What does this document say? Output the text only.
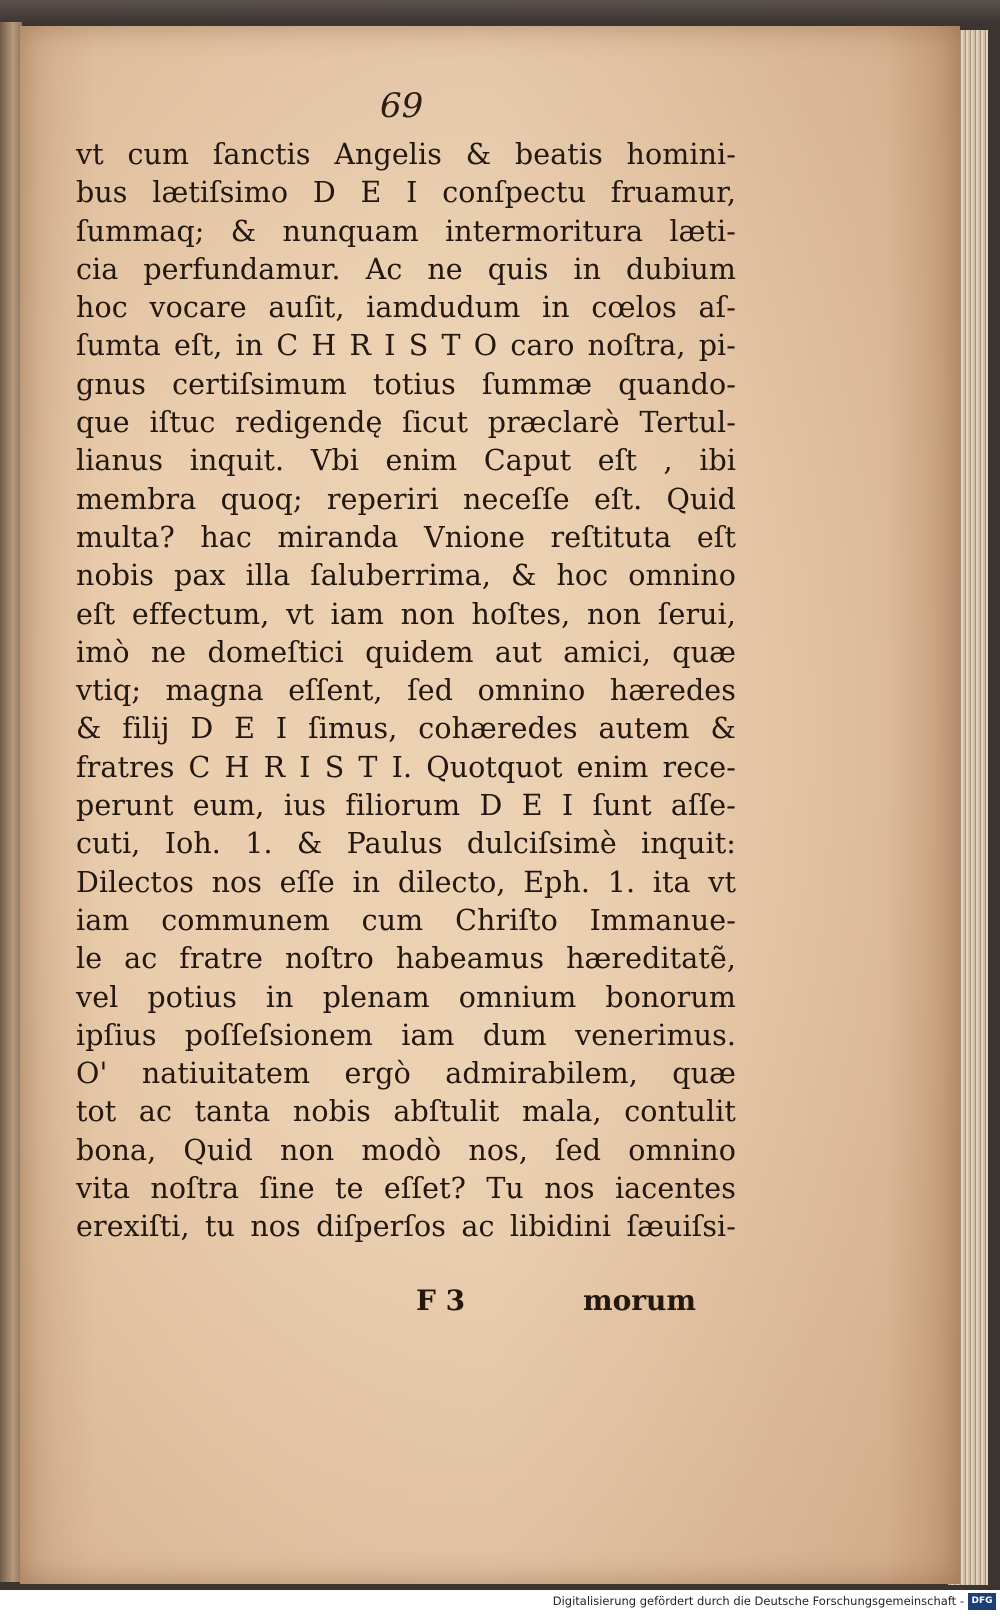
69
vt cum ſanctis Angelis & beatis homini-
bus lætiſsimo D E I conſpectu fruamur,
ſummaq; & nunquam intermoritura læti-
cia perfundamur. Ac ne quis in dubium
hoc vocare auſit, iamdudum in cœlos aſ-
ſumta eſt, in C H R I S T O caro noſtra, pi-
gnus certiſsimum totius ſummæ quando-
que iſtuc redigendę ſicut præclarè Tertul-
lianus inquit. Vbi enim Caput eſt , ibi
membra quoq; reperiri neceſſe eſt. Quid
multa? hac miranda Vnione reſtituta eſt
nobis pax illa ſaluberrima, & hoc omnino
eſt effectum, vt iam non hoſtes, non ſerui,
imò ne domeſtici quidem aut amici, quæ
vtiq; magna eſſent, ſed omnino hæredes
& filij D E I ſimus, cohæredes autem &
fratres C H R I S T I. Quotquot enim rece-
perunt eum, ius filiorum D E I ſunt aſſe-
cuti, Ioh. 1. & Paulus dulciſsimè inquit:
Dilectos nos eſſe in dilecto, Eph. 1. ita vt
iam communem cum Chriſto Immanue-
le ac fratre noſtro habeamus hæreditatẽ,
vel potius in plenam omnium bonorum
ipſius poſſeſsionem iam dum venerimus.
O' natiuitatem ergò admirabilem, quæ
tot ac tanta nobis abſtulit mala, contulit
bona, Quid non modò nos, ſed omnino
vita noſtra ſine te eſſet? Tu nos iacentes
erexiſti, tu nos diſperſos ac libidini ſæuiſsi-
F 3	morum
Digitalisierung gefördert durch die Deutsche Forschungsgemeinschaft - DFG
